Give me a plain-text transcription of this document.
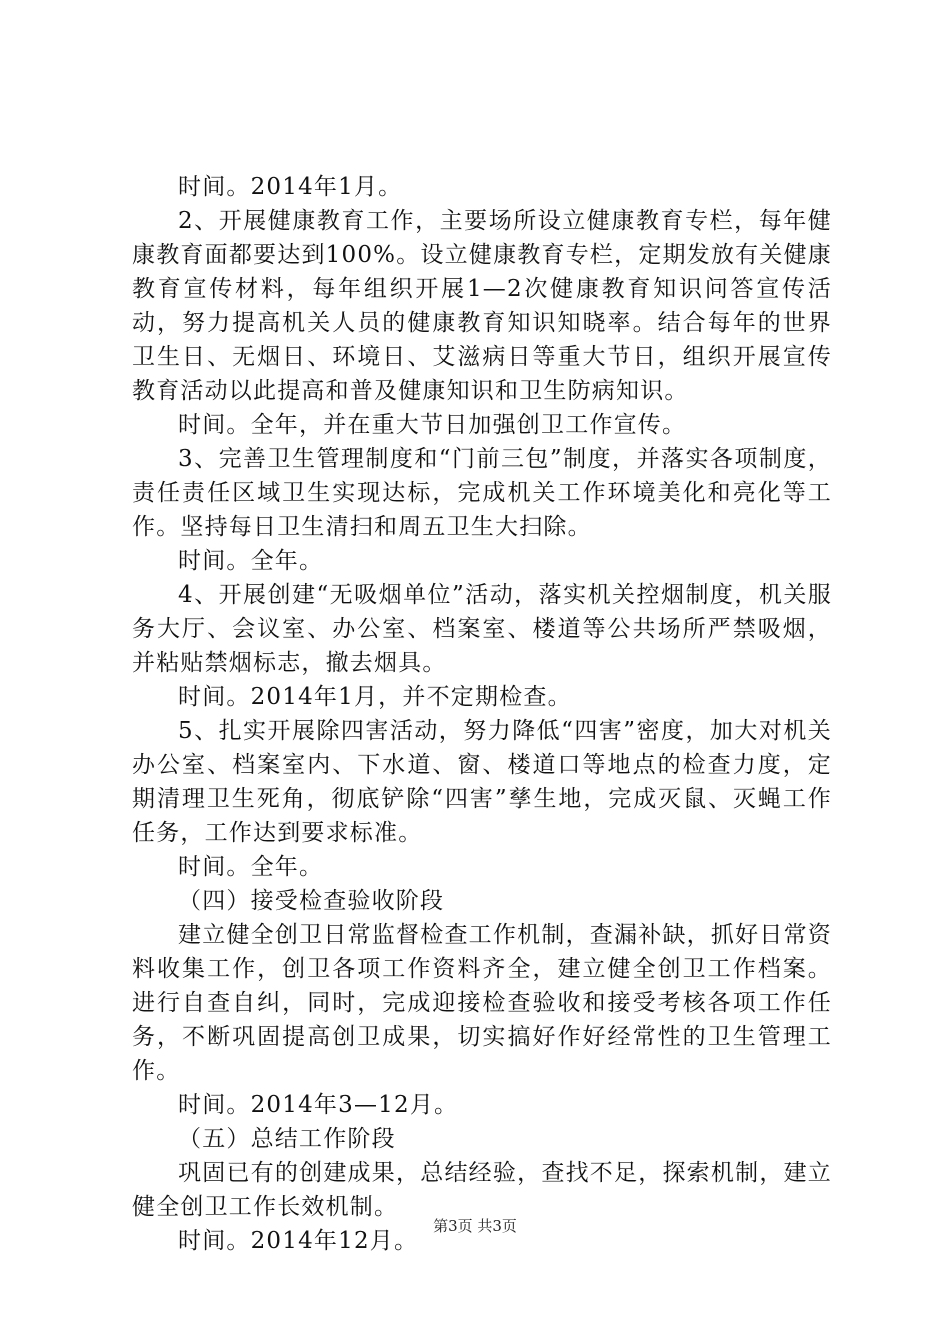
时间。2014年1月。

2、开展健康教育工作，主要场所设立健康教育专栏，每年健康教育面都要达到100%。设立健康教育专栏，定期发放有关健康教育宣传材料，每年组织开展1—2次健康教育知识问答宣传活动，努力提高机关人员的健康教育知识知晓率。结合每年的世界卫生日、无烟日、环境日、艾滋病日等重大节日，组织开展宣传教育活动以此提高和普及健康知识和卫生防病知识。

时间。全年，并在重大节日加强创卫工作宣传。

3、完善卫生管理制度和“门前三包”制度，并落实各项制度，责任责任区域卫生实现达标，完成机关工作环境美化和亮化等工作。坚持每日卫生清扫和周五卫生大扫除。

时间。全年。

4、开展创建“无吸烟单位”活动，落实机关控烟制度，机关服务大厅、会议室、办公室、档案室、楼道等公共场所严禁吸烟，并粘贴禁烟标志，撤去烟具。

时间。2014年1月，并不定期检查。

5、扎实开展除四害活动，努力降低“四害”密度，加大对机关办公室、档案室内、下水道、窗、楼道口等地点的检查力度，定期清理卫生死角，彻底铲除“四害”孳生地，完成灭鼠、灭蝇工作任务，工作达到要求标准。

时间。全年。

（四）接受检查验收阶段

建立健全创卫日常监督检查工作机制，查漏补缺，抓好日常资料收集工作，创卫各项工作资料齐全，建立健全创卫工作档案。进行自查自纠，同时，完成迎接检查验收和接受考核各项工作任务，不断巩固提高创卫成果，切实搞好作好经常性的卫生管理工作。

时间。2014年3—12月。

（五）总结工作阶段

巩固已有的创建成果，总结经验，查找不足，探索机制，建立健全创卫工作长效机制。

时间。2014年12月。

第3页 共3页
